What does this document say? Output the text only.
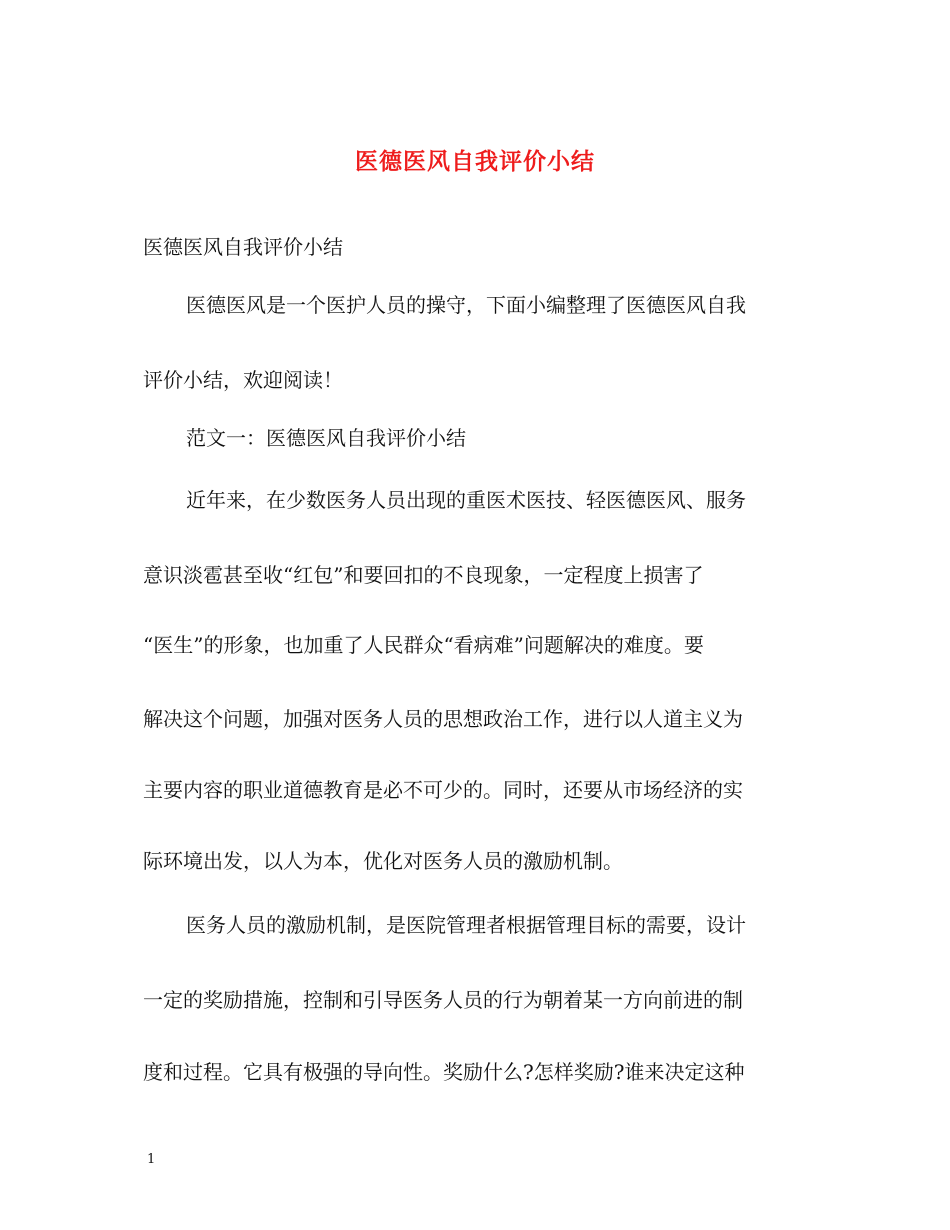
医德医风自我评价小结
医德医风自我评价小结
医德医风是一个医护人员的操守，下面小编整理了医德医风自我
评价小结，欢迎阅读！
范文一：医德医风自我评价小结
近年来，在少数医务人员出现的重医术医技、轻医德医风、服务
意识淡雹甚至收“红包”和要回扣的不良现象，一定程度上损害了
“医生”的形象，也加重了人民群众“看病难”问题解决的难度。要
解决这个问题，加强对医务人员的思想政治工作，进行以人道主义为
主要内容的职业道德教育是必不可少的。同时，还要从市场经济的实
际环境出发，以人为本，优化对医务人员的激励机制。
医务人员的激励机制，是医院管理者根据管理目标的需要，设计
一定的奖励措施，控制和引导医务人员的行为朝着某一方向前进的制
度和过程。它具有极强的导向性。奖励什么?怎样奖励?谁来决定这种
1
